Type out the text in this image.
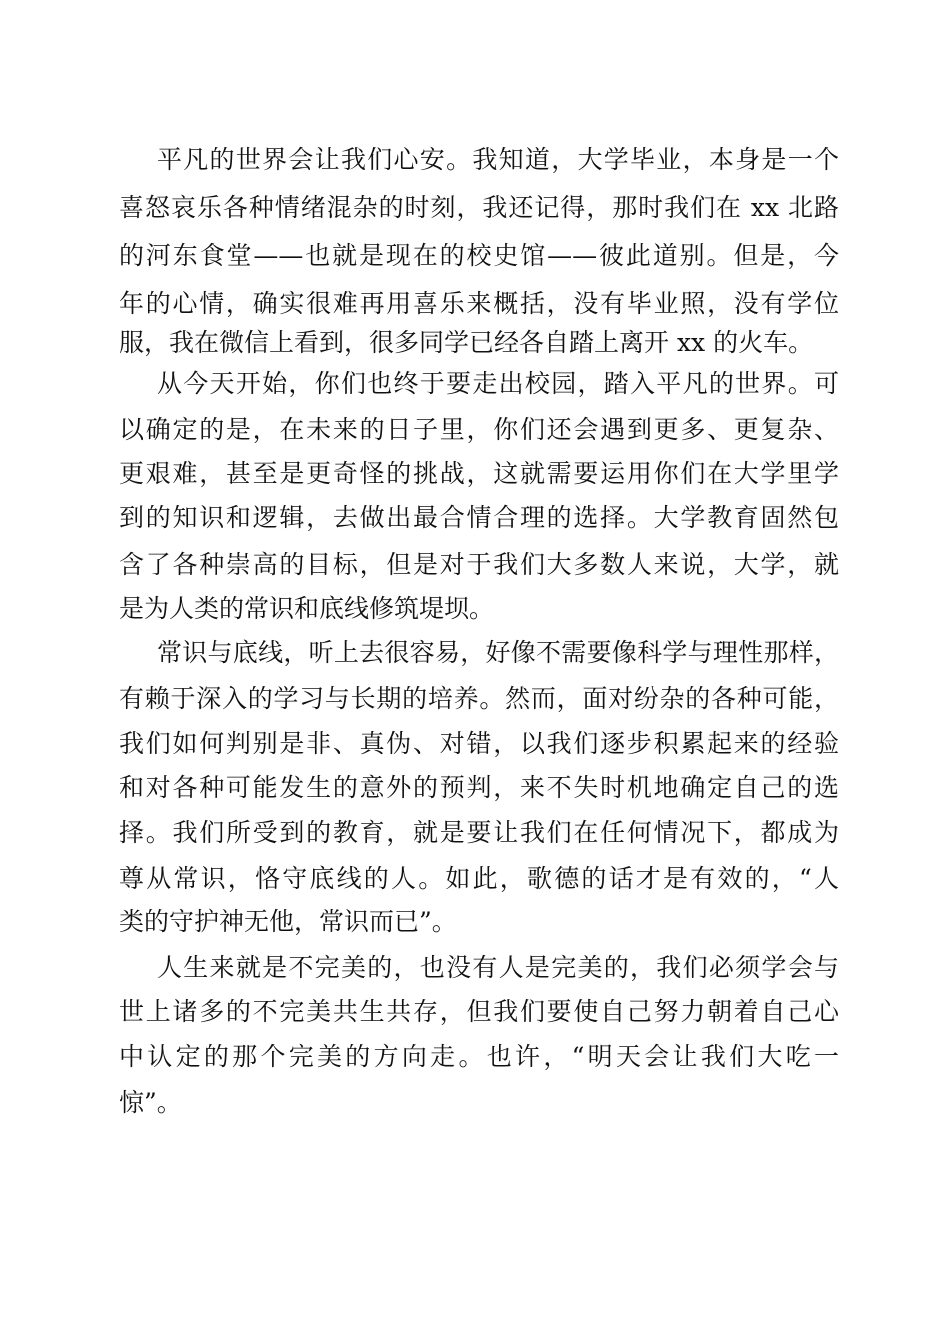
平凡的世界会让我们心安。我知道，大学毕业，本身是一个
喜怒哀乐各种情绪混杂的时刻，我还记得，那时我们在 xx 北路
的河东食堂——也就是现在的校史馆——彼此道别。但是，今
年的心情，确实很难再用喜乐来概括，没有毕业照，没有学位
服，我在微信上看到，很多同学已经各自踏上离开 xx 的火车。
从今天开始，你们也终于要走出校园，踏入平凡的世界。可
以确定的是，在未来的日子里，你们还会遇到更多、更复杂、
更艰难，甚至是更奇怪的挑战，这就需要运用你们在大学里学
到的知识和逻辑，去做出最合情合理的选择。大学教育固然包
含了各种崇高的目标，但是对于我们大多数人来说，大学，就
是为人类的常识和底线修筑堤坝。
常识与底线，听上去很容易，好像不需要像科学与理性那样，
有赖于深入的学习与长期的培养。然而，面对纷杂的各种可能，
我们如何判别是非、真伪、对错，以我们逐步积累起来的经验
和对各种可能发生的意外的预判，来不失时机地确定自己的选
择。我们所受到的教育，就是要让我们在任何情况下，都成为
尊从常识，恪守底线的人。如此，歌德的话才是有效的，“人
类的守护神无他，常识而已”。
人生来就是不完美的，也没有人是完美的，我们必须学会与
世上诸多的不完美共生共存，但我们要使自己努力朝着自己心
中认定的那个完美的方向走。也许，“明天会让我们大吃一
惊”。
